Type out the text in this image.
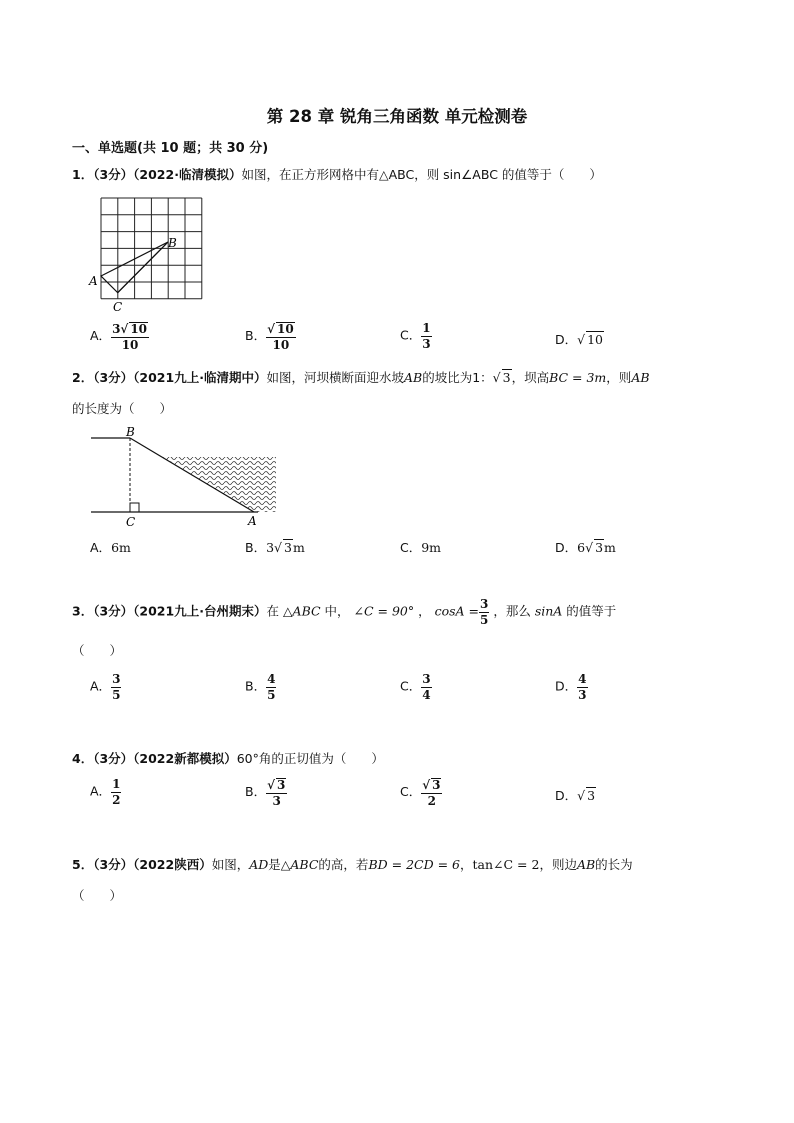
第 28 章 锐角三角函数 单元检测卷
一、单选题(共 10 题；共 30 分)
1．（3分）（2022·临清模拟）如图，在正方形网格中有△ABC，则 sin∠ABC 的值等于（　　）
A
B
C
A． $\frac{3√ 10}{10}$	B． $\frac{√ 10}{10}$	C． $\frac{1}{3}$	D．√ 10
2．（3分）（2021九上·临清期中）如图，河坝横断面迎水坡AB的坡比为1：√ 3，坝高BC = 3m，则AB
的长度为（　　）
B
C	A
A．6m	B．3√ 3m	C．9m	D．6√ 3m
3．（3分）（2021九上·台州期末）在 △ABC 中， ∠C = 90° ， $\cos A = \frac{3}{5}$ ，那么 sinA 的值等于
（　　）
A． $\frac{3}{5}$	B． $\frac{4}{5}$	C． $\frac{3}{4}$	D． $\frac{4}{3}$
4．（3分）（2022新都模拟）60°角的正切值为（　　）
A． $\frac{1}{2}$	B． $\frac{√ 3}{3}$	C． $\frac{√ 3}{2}$	D．√ 3
5．（3分）（2022陕西）如图，AD是△ABC的高，若BD = 2CD = 6，tan∠C = 2，则边AB的长为
（　　）
